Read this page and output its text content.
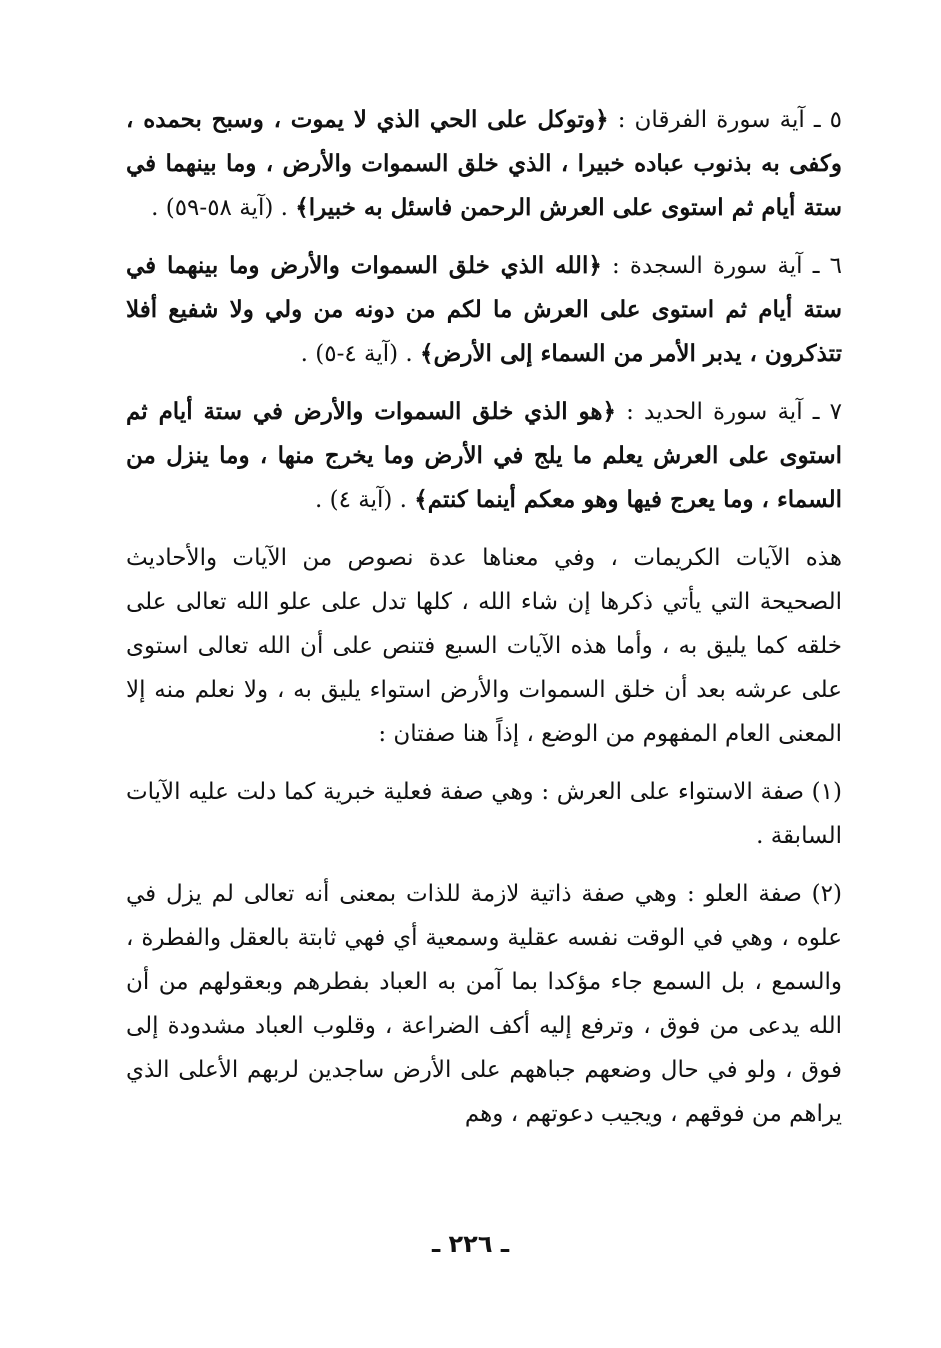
٥ ـ آية سورة الفرقان : ﴿وتوكل على الحي الذي لا يموت ، وسبح بحمده ، وكفى به بذنوب عباده خبيرا ، الذي خلق السموات والأرض ، وما بينهما في ستة أيام ثم استوى على العرش الرحمن فاسئل به خبيرا﴾ . (آية ٥٨-٥٩) .

٦ ـ آية سورة السجدة : ﴿الله الذي خلق السموات والأرض وما بينهما في ستة أيام ثم استوى على العرش ما لكم من دونه من ولي ولا شفيع أفلا تتذكرون ، يدبر الأمر من السماء إلى الأرض﴾ . (آية ٤-٥) .

٧ ـ آية سورة الحديد : ﴿هو الذي خلق السموات والأرض في ستة أيام ثم استوى على العرش يعلم ما يلج في الأرض وما يخرج منها ، وما ينزل من السماء ، وما يعرج فيها وهو معكم أينما كنتم﴾ . (آية ٤) .

هذه الآيات الكريمات ، وفي معناها عدة نصوص من الآيات والأحاديث الصحيحة التي يأتي ذكرها إن شاء الله ، كلها تدل على علو الله تعالى على خلقه كما يليق به ، وأما هذه الآيات السبع فتنص على أن الله تعالى استوى على عرشه بعد أن خلق السموات والأرض استواء يليق به ، ولا نعلم منه إلا المعنى العام المفهوم من الوضع ، إذاً هنا صفتان :

(١) صفة الاستواء على العرش : وهي صفة فعلية خبرية كما دلت عليه الآيات السابقة .

(٢) صفة العلو : وهي صفة ذاتية لازمة للذات بمعنى أنه تعالى لم يزل في علوه ، وهي في الوقت نفسه عقلية وسمعية أي فهي ثابتة بالعقل والفطرة ، والسمع ، بل السمع جاء مؤكدا بما آمن به العباد بفطرهم وبعقولهم من أن الله يدعى من فوق ، وترفع إليه أكف الضراعة ، وقلوب العباد مشدودة إلى فوق ، ولو في حال وضعهم جباههم على الأرض ساجدين لربهم الأعلى الذي يراهم من فوقهم ، ويجيب دعوتهم ، وهم

ـ ٢٢٦ ـ
